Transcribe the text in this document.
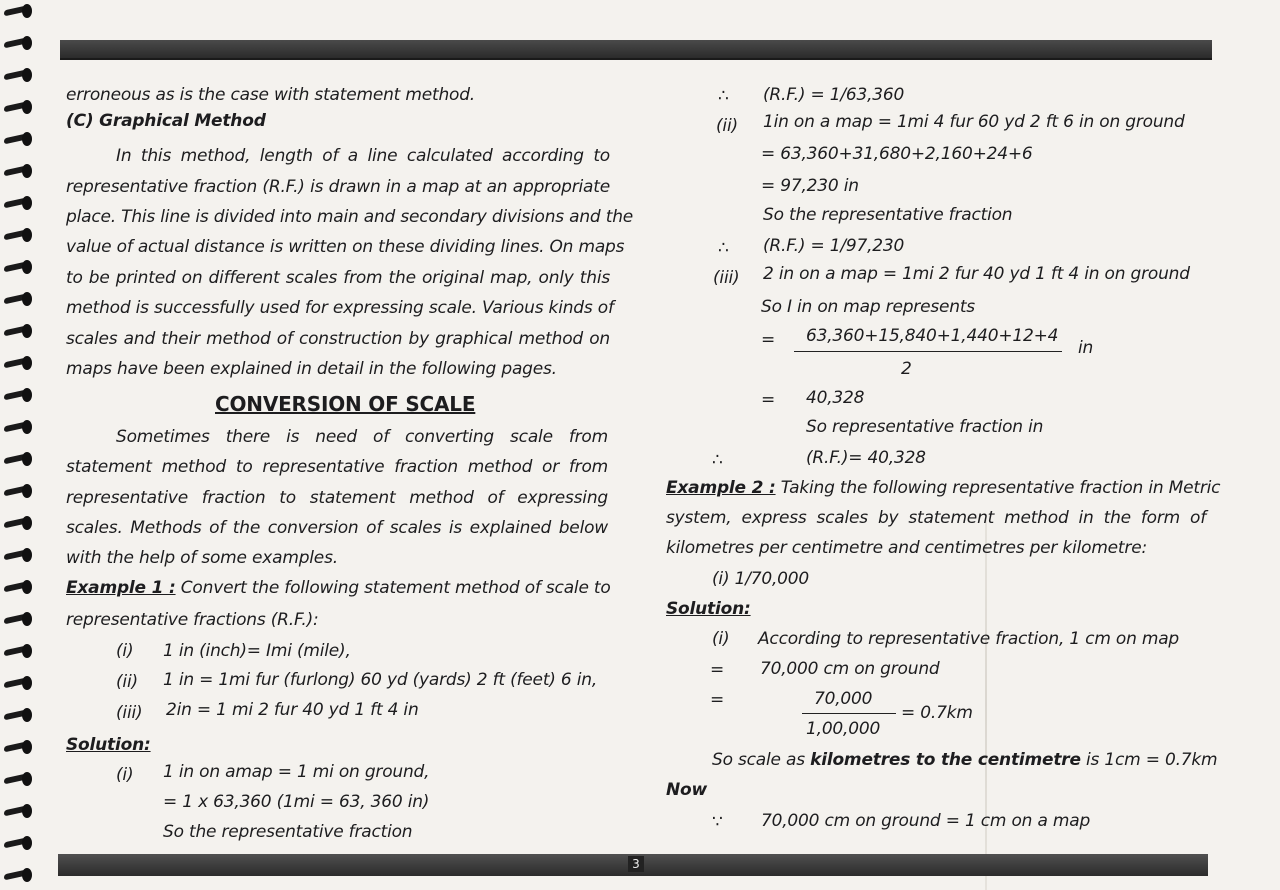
erroneous as is the case with statement method.
(C) Graphical Method
In this method, length of a line calculated according to
representative fraction (R.F.) is drawn in a map at an appropriate
place. This line is divided into main and secondary divisions and the
value of actual distance is written on these dividing lines. On maps
to be printed on different scales from the original map, only this
method is successfully used for expressing scale. Various kinds of
scales and their method of construction by graphical method on
maps have been explained in detail in the following pages.
CONVERSION OF SCALE
Sometimes there is need of converting scale from
statement method to representative fraction method or from
representative fraction to statement method of expressing
scales. Methods of the conversion of scales is explained below
with the help of some examples.
Example 1 : Convert the following statement method of scale to
representative fractions (R.F.):
(i) 1 in (inch)= Imi (mile),
(ii) 1 in = 1mi fur (furlong) 60 yd (yards) 2 ft (feet) 6 in,
(iii) 2in = 1 mi 2 fur 40 yd 1 ft 4 in
Solution:
(i) 1 in on amap = 1 mi on ground,
= 1 x 63,360 (1mi = 63, 360 in)
So the representative fraction
∴ (R.F.) = 1/63,360
(ii) 1in on a map = 1mi 4 fur 60 yd 2 ft 6 in on ground
= 63,360+31,680+2,160+24+6
= 97,230 in
So the representative fraction
∴ (R.F.) = 1/97,230
(iii) 2 in on a map = 1mi 2 fur 40 yd 1 ft 4 in on ground
So I in on map represents
= 63,360+15,840+1,440+12+4
2
in
= 40,328
So representative fraction in
∴	(R.F.)= 40,328
Example 2 : Taking the following representative fraction in Metric
system, express scales by statement method in the form of
kilometres per centimetre and centimetres per kilometre:
(i) 1/70,000
Solution:
(i) According to representative fraction, 1 cm on map
= 70,000 cm on ground
=	70,000
1,00,000
= 0.7km
So scale as kilometres to the centimetre is 1cm = 0.7km
Now
∵ 70,000 cm on ground = 1 cm on a map
3
